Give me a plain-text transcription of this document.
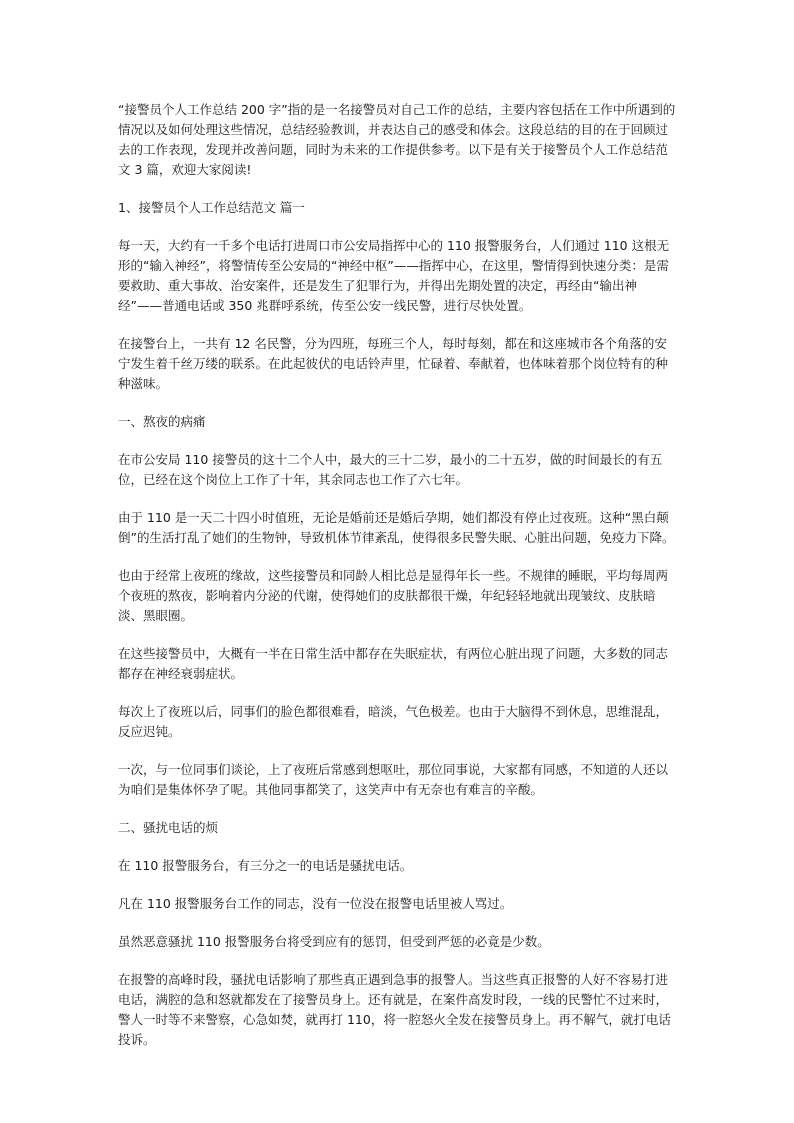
“接警员个人工作总结 200 字”指的是一名接警员对自己工作的总结，主要内容包括在工作中所遇到的情况以及如何处理这些情况，总结经验教训，并表达自己的感受和体会。这段总结的目的在于回顾过去的工作表现，发现并改善问题，同时为未来的工作提供参考。以下是有关于接警员个人工作总结范文 3 篇，欢迎大家阅读!

1、接警员个人工作总结范文 篇一

每一天，大约有一千多个电话打进周口市公安局指挥中心的 110 报警服务台，人们通过 110 这根无形的“输入神经”，将警情传至公安局的“神经中枢”——指挥中心，在这里，警情得到快速分类：是需要救助、重大事故、治安案件，还是发生了犯罪行为，并得出先期处置的决定，再经由“输出神经”——普通电话或 350 兆群呼系统，传至公安一线民警，进行尽快处置。

在接警台上，一共有 12 名民警，分为四班，每班三个人，每时每刻，都在和这座城市各个角落的安宁发生着千丝万缕的联系。在此起彼伏的电话铃声里，忙碌着、奉献着，也体味着那个岗位特有的种 种滋味。

一、熬夜的病痛

在市公安局 110 接警员的这十二个人中，最大的三十二岁，最小的二十五岁，做的时间最长的有五位，已经在这个岗位上工作了十年，其余同志也工作了六七年。

由于 110 是一天二十四小时值班，无论是婚前还是婚后孕期，她们都没有停止过夜班。这种“黑白颠倒”的生活打乱了她们的生物钟，导致机体节律紊乱，使得很多民警失眠、心脏出问题，免疫力下降。

也由于经常上夜班的缘故，这些接警员和同龄人相比总是显得年长一些。不规律的睡眠，平均每周两个夜班的熬夜，影响着内分泌的代谢，使得她们的皮肤都很干燥，年纪轻轻地就出现皱纹、皮肤暗淡、黑眼圈。

在这些接警员中，大概有一半在日常生活中都存在失眠症状，有两位心脏出现了问题，大多数的同志都存在神经衰弱症状。

每次上了夜班以后，同事们的脸色都很难看，暗淡，气色极差。也由于大脑得不到休息，思维混乱，反应迟钝。

一次，与一位同事们谈论，上了夜班后常感到想呕吐，那位同事说，大家都有同感，不知道的人还以为咱们是集体怀孕了呢。其他同事都笑了，这笑声中有无奈也有难言的辛酸。

二、骚扰电话的烦

在 110 报警服务台，有三分之一的电话是骚扰电话。

凡在 110 报警服务台工作的同志，没有一位没在报警电话里被人骂过。

虽然恶意骚扰 110 报警服务台将受到应有的惩罚，但受到严惩的必竟是少数。

在报警的高峰时段，骚扰电话影响了那些真正遇到急事的报警人。当这些真正报警的人好不容易打进电话，满腔的急和怒就都发在了接警员身上。还有就是，在案件高发时段，一线的民警忙不过来时，警人一时等不来警察，心急如焚，就再打 110，将一腔怒火全发在接警员身上。再不解气，就打电话投诉。
